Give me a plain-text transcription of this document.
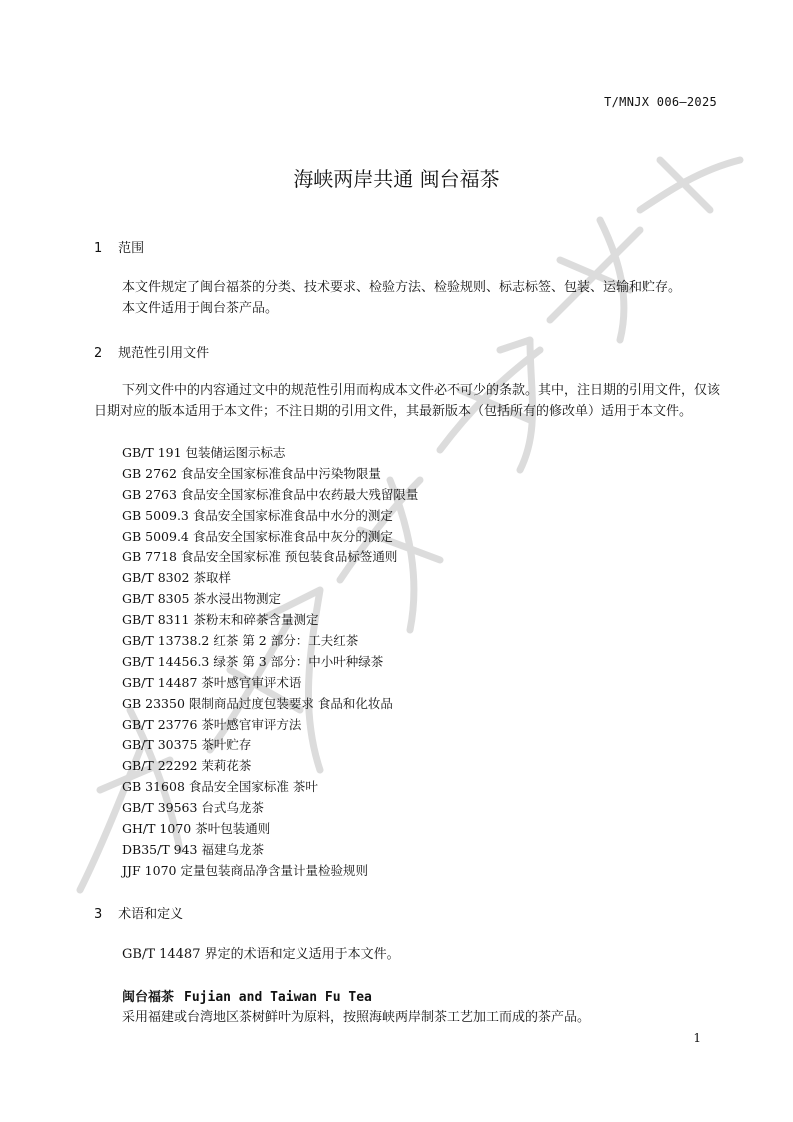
T/MNJX 006—2025
海峡两岸共通 闽台福茶
1 范围
本文件规定了闽台福茶的分类、技术要求、检验方法、检验规则、标志标签、包装、运输和贮存。
本文件适用于闽台茶产品。
2 规范性引用文件
下列文件中的内容通过文中的规范性引用而构成本文件必不可少的条款。其中，注日期的引用文件，仅该日期对应的版本适用于本文件；不注日期的引用文件，其最新版本（包括所有的修改单）适用于本文件。
GB/T 191 包装储运图示标志
GB 2762 食品安全国家标准食品中污染物限量
GB 2763 食品安全国家标准食品中农药最大残留限量
GB 5009.3 食品安全国家标准食品中水分的测定
GB 5009.4 食品安全国家标准食品中灰分的测定
GB 7718 食品安全国家标准 预包装食品标签通则
GB/T 8302 茶取样
GB/T 8305 茶水浸出物测定
GB/T 8311 茶粉末和碎茶含量测定
GB/T 13738.2 红茶 第 2 部分：工夫红茶
GB/T 14456.3 绿茶 第 3 部分：中小叶种绿茶
GB/T 14487 茶叶感官审评术语
GB 23350 限制商品过度包装要求 食品和化妆品
GB/T 23776 茶叶感官审评方法
GB/T 30375 茶叶贮存
GB/T 22292 茉莉花茶
GB 31608 食品安全国家标准 茶叶
GB/T 39563 台式乌龙茶
GH/T 1070 茶叶包装通则
DB35/T 943 福建乌龙茶
JJF 1070 定量包装商品净含量计量检验规则
3 术语和定义
GB/T 14487 界定的术语和定义适用于本文件。
闽台福茶 Fujian and Taiwan Fu Tea
采用福建或台湾地区茶树鲜叶为原料，按照海峡两岸制茶工艺加工而成的茶产品。
1
